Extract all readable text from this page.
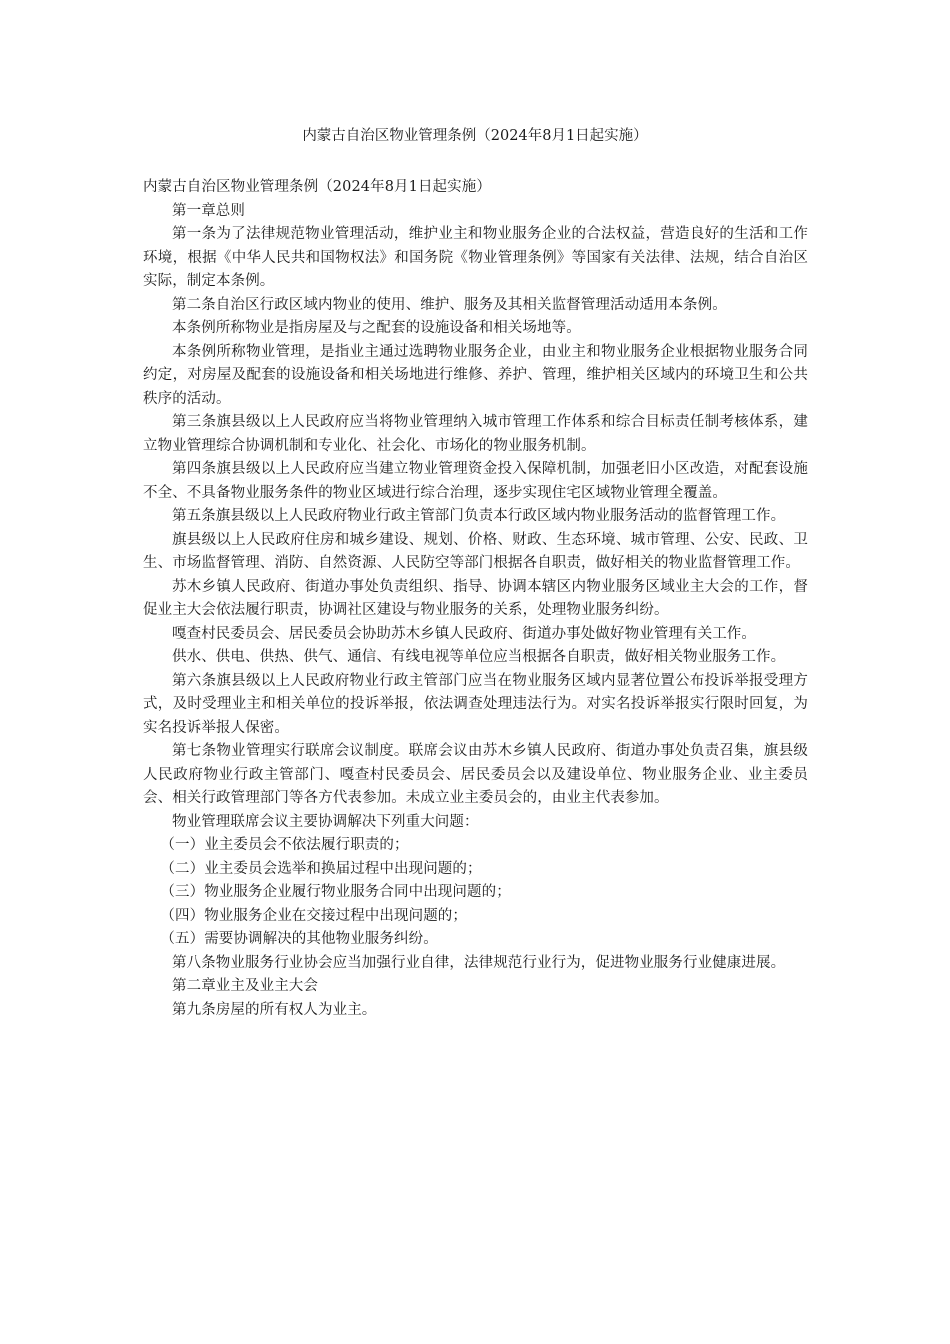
内蒙古自治区物业管理条例（2024年8月1日起实施）

内蒙古自治区物业管理条例（2024年8月1日起实施）

第一章总则

第一条为了法律规范物业管理活动，维护业主和物业服务企业的合法权益，营造良好的生活和工作环境，根据《中华人民共和国物权法》和国务院《物业管理条例》等国家有关法律、法规，结合自治区实际，制定本条例。

第二条自治区行政区域内物业的使用、维护、服务及其相关监督管理活动适用本条例。

本条例所称物业是指房屋及与之配套的设施设备和相关场地等。

本条例所称物业管理，是指业主通过选聘物业服务企业，由业主和物业服务企业根据物业服务合同约定，对房屋及配套的设施设备和相关场地进行维修、养护、管理，维护相关区域内的环境卫生和公共秩序的活动。

第三条旗县级以上人民政府应当将物业管理纳入城市管理工作体系和综合目标责任制考核体系，建立物业管理综合协调机制和专业化、社会化、市场化的物业服务机制。

第四条旗县级以上人民政府应当建立物业管理资金投入保障机制，加强老旧小区改造，对配套设施不全、不具备物业服务条件的物业区域进行综合治理，逐步实现住宅区域物业管理全覆盖。

第五条旗县级以上人民政府物业行政主管部门负责本行政区域内物业服务活动的监督管理工作。

旗县级以上人民政府住房和城乡建设、规划、价格、财政、生态环境、城市管理、公安、民政、卫生、市场监督管理、消防、自然资源、人民防空等部门根据各自职责，做好相关的物业监督管理工作。

苏木乡镇人民政府、街道办事处负责组织、指导、协调本辖区内物业服务区域业主大会的工作，督促业主大会依法履行职责，协调社区建设与物业服务的关系，处理物业服务纠纷。

嘎查村民委员会、居民委员会协助苏木乡镇人民政府、街道办事处做好物业管理有关工作。

供水、供电、供热、供气、通信、有线电视等单位应当根据各自职责，做好相关物业服务工作。

第六条旗县级以上人民政府物业行政主管部门应当在物业服务区域内显著位置公布投诉举报受理方式，及时受理业主和相关单位的投诉举报，依法调查处理违法行为。对实名投诉举报实行限时回复，为实名投诉举报人保密。

第七条物业管理实行联席会议制度。联席会议由苏木乡镇人民政府、街道办事处负责召集，旗县级人民政府物业行政主管部门、嘎查村民委员会、居民委员会以及建设单位、物业服务企业、业主委员会、相关行政管理部门等各方代表参加。未成立业主委员会的，由业主代表参加。

物业管理联席会议主要协调解决下列重大问题：

（一）业主委员会不依法履行职责的；

（二）业主委员会选举和换届过程中出现问题的；

（三）物业服务企业履行物业服务合同中出现问题的；

（四）物业服务企业在交接过程中出现问题的；

（五）需要协调解决的其他物业服务纠纷。

第八条物业服务行业协会应当加强行业自律，法律规范行业行为，促进物业服务行业健康进展。

第二章业主及业主大会

第九条房屋的所有权人为业主。
